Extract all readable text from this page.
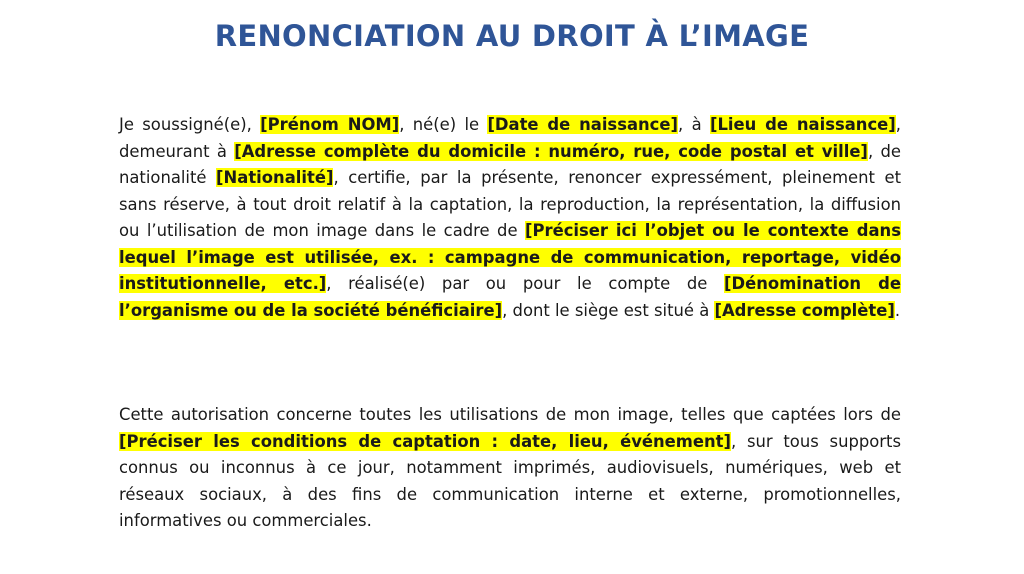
RENONCIATION AU DROIT À L’IMAGE

Je soussigné(e), [Prénom NOM], né(e) le [Date de naissance], à [Lieu de naissance], demeurant à [Adresse complète du domicile : numéro, rue, code postal et ville], de nationalité [Nationalité], certifie, par la présente, renoncer expressément, pleinement et sans réserve, à tout droit relatif à la captation, la reproduction, la représentation, la diffusion ou l’utilisation de mon image dans le cadre de [Préciser ici l’objet ou le contexte dans lequel l’image est utilisée, ex. : campagne de communication, reportage, vidéo institutionnelle, etc.], réalisé(e) par ou pour le compte de [Dénomination de l’organisme ou de la société bénéficiaire], dont le siège est situé à [Adresse complète].

Cette autorisation concerne toutes les utilisations de mon image, telles que captées lors de [Préciser les conditions de captation : date, lieu, événement], sur tous supports connus ou inconnus à ce jour, notamment imprimés, audiovisuels, numériques, web et réseaux sociaux, à des fins de communication interne et externe, promotionnelles, informatives ou commerciales.
